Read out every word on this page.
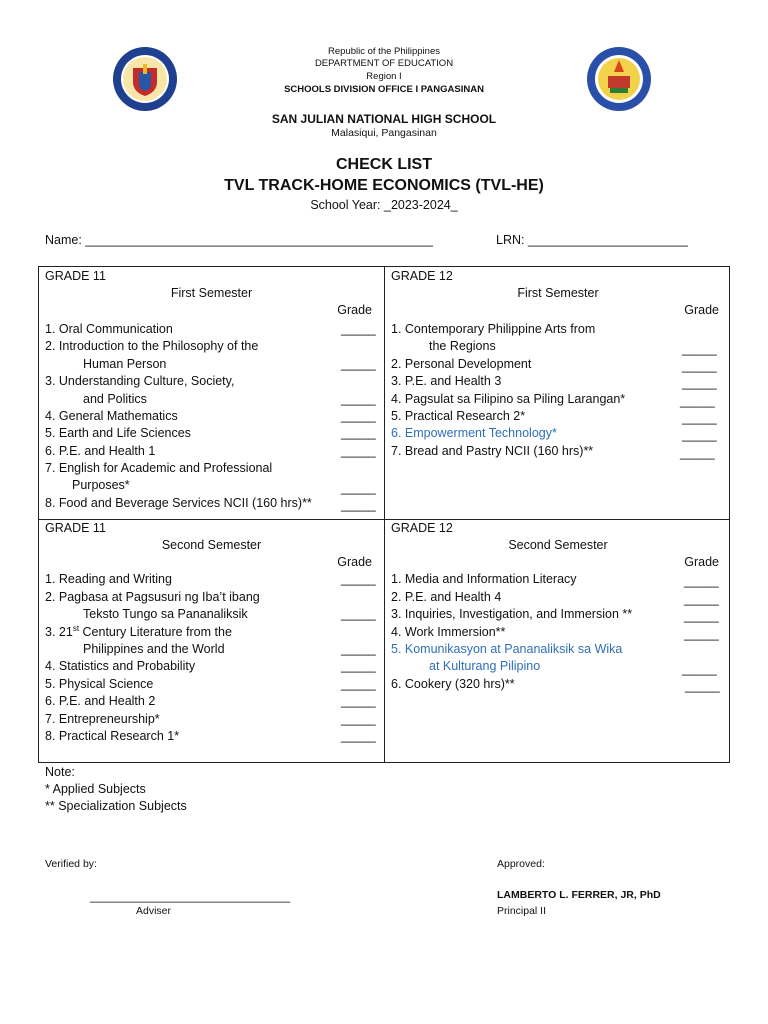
Republic of the Philippines
DEPARTMENT OF EDUCATION
Region I
SCHOOLS DIVISION OFFICE I PANGASINAN
SAN JULIAN NATIONAL HIGH SCHOOL
Malasiqui, Pangasinan
CHECK LIST
TVL TRACK-HOME ECONOMICS (TVL-HE)
School Year: _2023-2024_
Name: __________________________________________________	LRN: _______________________
GRADE 11
First Semester
Grade
1. Oral Communication
2. Introduction to the Philosophy of the
Human Person
3. Understanding Culture, Society,
and Politics
4. General Mathematics
5. Earth and Life Sciences
6. P.E. and Health 1
7. English for Academic and Professional
Purposes*
8. Food and Beverage Services NCII (160 hrs)**
_____
_____
_____
_____
_____
_____
_____
_____
GRADE 12
First Semester
Grade
1. Contemporary Philippine Arts from
the Regions
2. Personal Development
3. P.E. and Health 3
4. Pagsulat sa Filipino sa Piling Larangan*
5. Practical Research 2*
6. Empowerment Technology*
7. Bread and Pastry NCII (160 hrs)**
_____
_____
_____
_____
_____
_____
_____
GRADE 11
Second Semester
Grade
1. Reading and Writing
2. Pagbasa at Pagsusuri ng Iba’t ibang
Teksto Tungo sa Pananaliksik
3. 21st Century Literature from the
Philippines and the World
4. Statistics and Probability
5. Physical Science
6. P.E. and Health 2
7. Entrepreneurship*
8. Practical Research 1*
_____
_____
_____
_____
_____
_____
_____
_____
GRADE 12
Second Semester
Grade
1. Media and Information Literacy
2. P.E. and Health 4
3. Inquiries, Investigation, and Immersion **
4. Work Immersion**
5. Komunikasyon at Pananaliksik sa Wika
at Kulturang Pilipino
6. Cookery (320 hrs)**
_____
_____
_____
_____
_____
_____
Note:
* Applied Subjects
** Specialization Subjects
Verified by:
______________________________
Adviser
Approved:
LAMBERTO L. FERRER, JR, PhD
Principal II
